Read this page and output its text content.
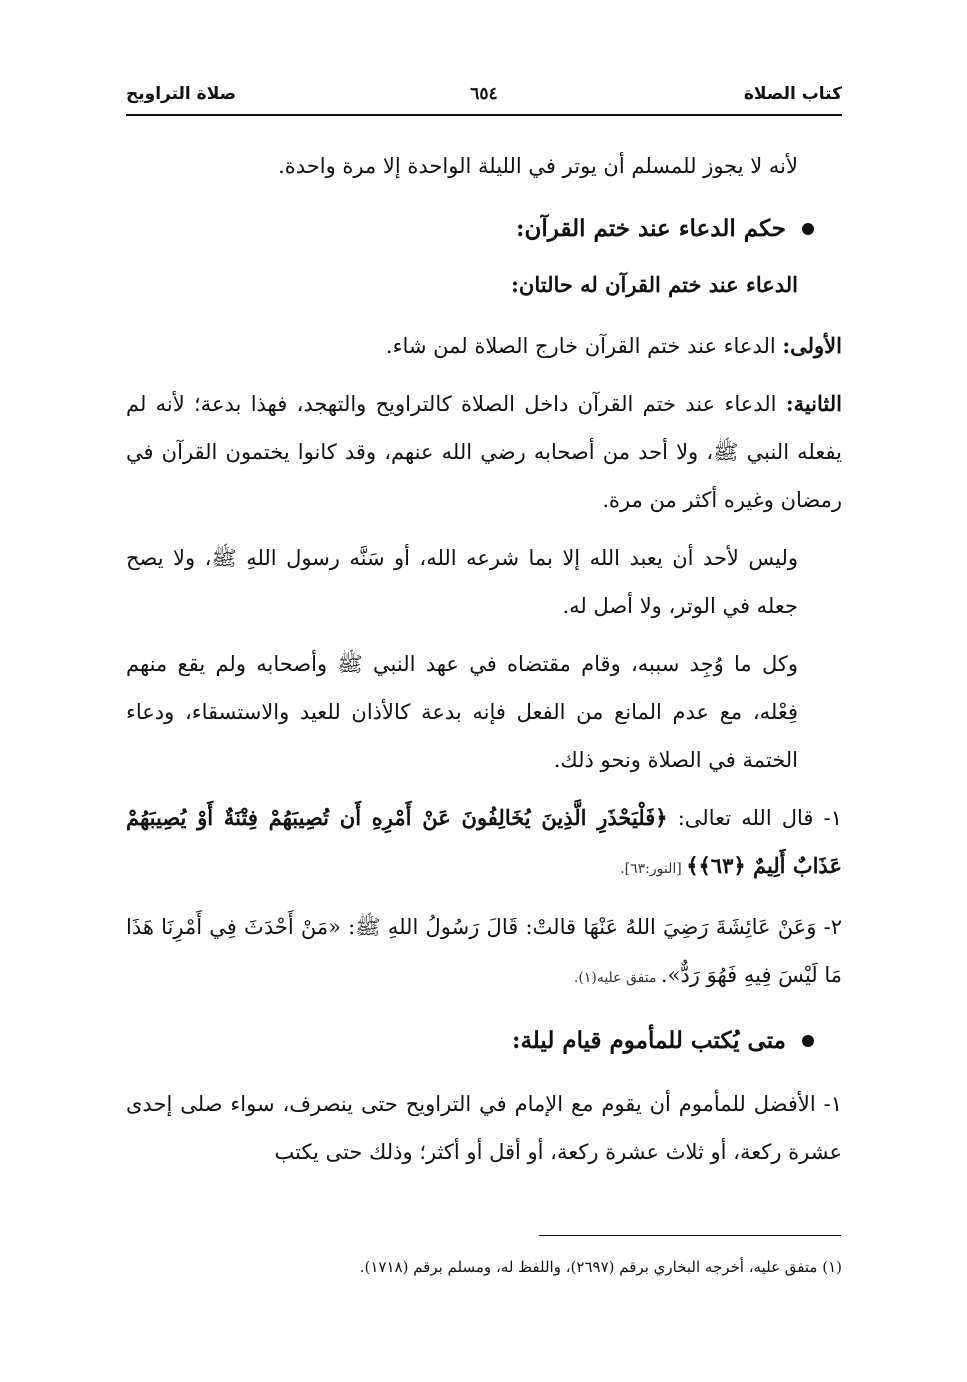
كتاب الصلاة
٦٥٤
صلاة التراويح

لأنه لا يجوز للمسلم أن يوتر في الليلة الواحدة إلا مرة واحدة.

حكم الدعاء عند ختم القرآن:

الدعاء عند ختم القرآن له حالتان:

الأولى: الدعاء عند ختم القرآن خارج الصلاة لمن شاء.

الثانية: الدعاء عند ختم القرآن داخل الصلاة كالتراويح والتهجد، فهذا بدعة؛ لأنه لم يفعله النبي ﷺ، ولا أحد من أصحابه رضي الله عنهم، وقد كانوا يختمون القرآن في رمضان وغيره أكثر من مرة.

وليس لأحد أن يعبد الله إلا بما شرعه الله، أو سَنَّه رسول اللهِ ﷺ، ولا يصح جعله في الوتر، ولا أصل له.

وكل ما وُجِد سببه، وقام مقتضاه في عهد النبي ﷺ وأصحابه ولم يقع منهم فِعْله، مع عدم المانع من الفعل فإنه بدعة كالأذان للعيد والاستسقاء، ودعاء الختمة في الصلاة ونحو ذلك.

١- قال الله تعالى: ﴿فَلْيَحْذَرِ الَّذِينَ يُخَالِفُونَ عَنْ أَمْرِهِ أَن تُصِيبَهُمْ فِتْنَةٌ أَوْ يُصِيبَهُمْ عَذَابٌ أَلِيمٌ ﴿٦٣﴾﴾ [النور:٦٣].

٢- وَعَنْ عَائِشَةَ رَضِيَ اللهُ عَنْهَا قالتْ: قَالَ رَسُولُ اللهِ ﷺ: «مَنْ أَحْدَثَ فِي أَمْرِنَا هَذَا مَا لَيْسَ فِيهِ فَهُوَ رَدٌّ». متفق عليه(١).

متى يُكتب للمأموم قيام ليلة:

١- الأفضل للمأموم أن يقوم مع الإمام في التراويح حتى ينصرف، سواء صلى إحدى عشرة ركعة، أو ثلاث عشرة ركعة، أو أقل أو أكثر؛ وذلك حتى يكتب

(١) متفق عليه، أخرجه البخاري برقم (٢٦٩٧)، واللفظ له، ومسلم برقم (١٧١٨).
